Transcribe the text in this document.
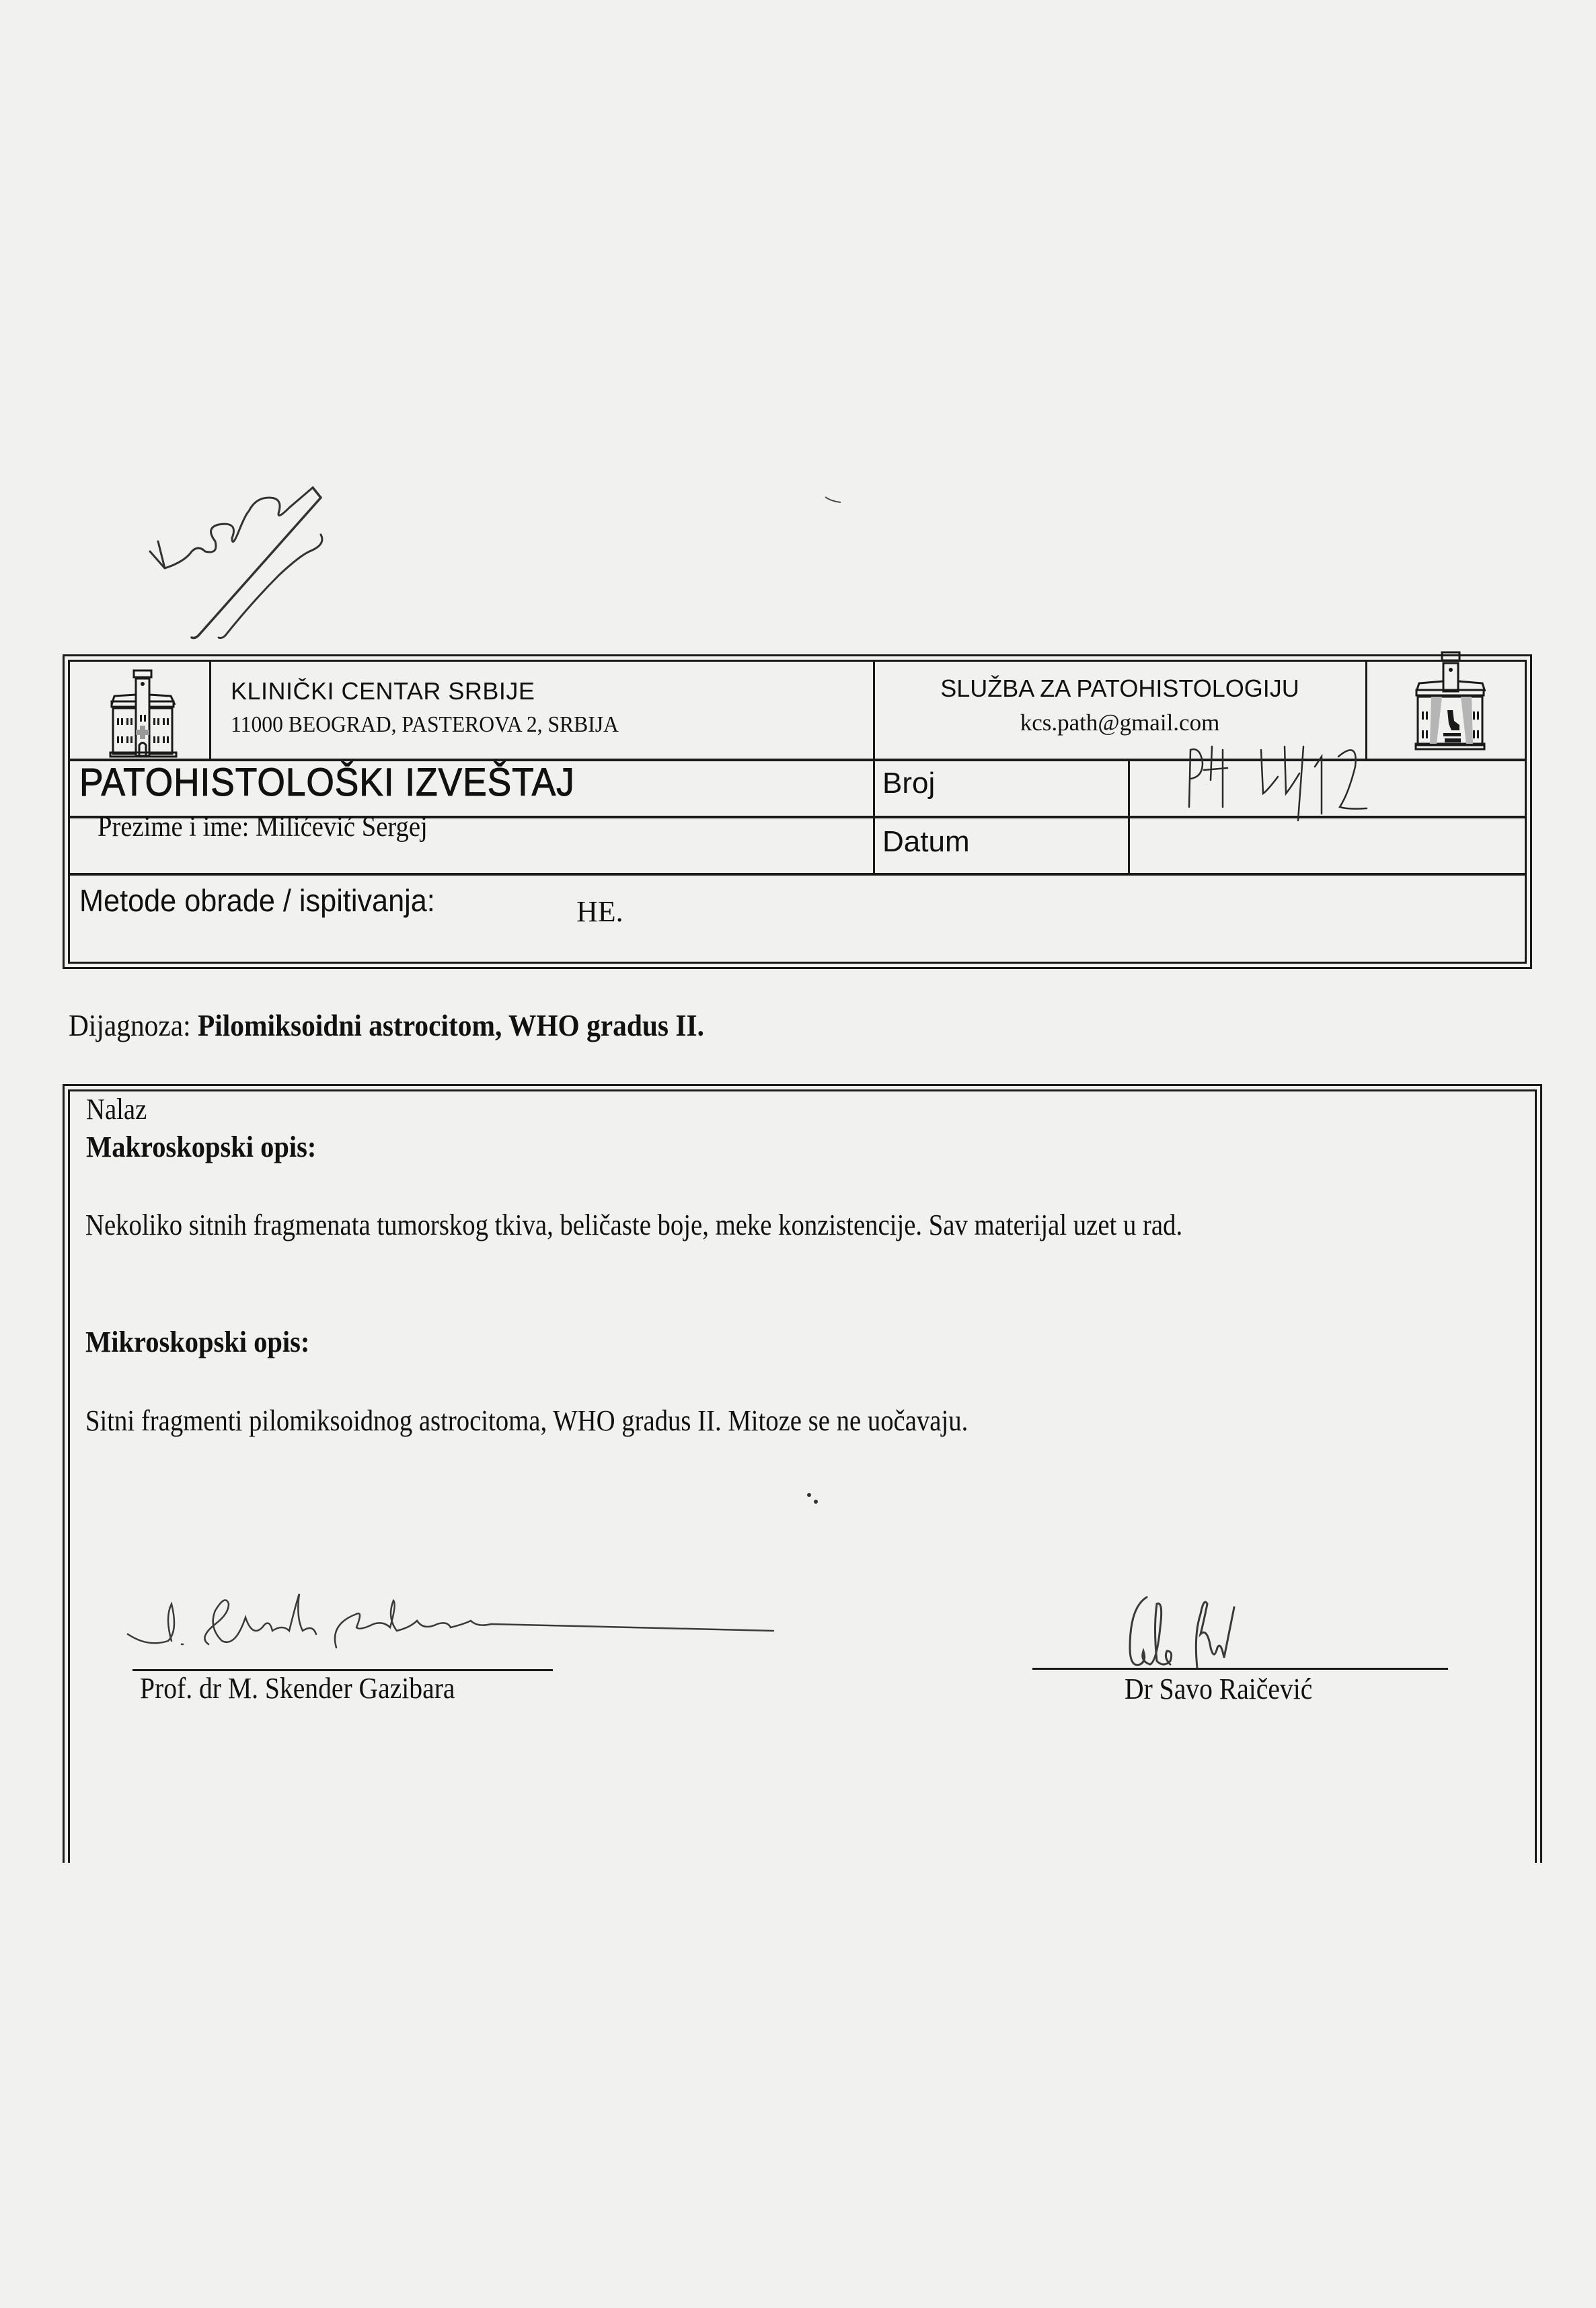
KLINIČKI CENTAR SRBIJE
11000 BEOGRAD, PASTEROVA 2, SRBIJA
SLUŽBA ZA PATOHISTOLOGIJU
kcs.path@gmail.com
PATOHISTOLOŠKI IZVEŠTAJ	Broj
Prezime i ime: Milićević Sergej	Datum
Metode obrade / ispitivanja:	HE.
Dijagnoza: Pilomiksoidni astrocitom, WHO gradus II.
Nalaz
Makroskopski opis:
Nekoliko sitnih fragmenata tumorskog tkiva, beličaste boje, meke konzistencije. Sav materijal uzet u rad.
Mikroskopski opis:
Sitni fragmenti pilomiksoidnog astrocitoma, WHO gradus II. Mitoze se ne uočavaju.
Prof. dr M. Skender Gazibara	Dr Savo Raičević
